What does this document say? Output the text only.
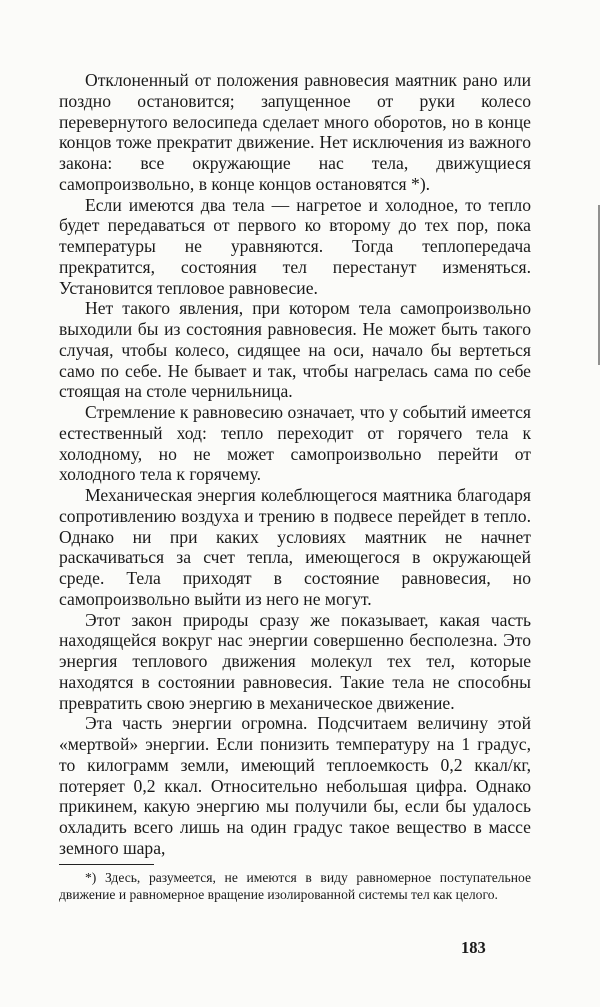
Отклоненный от положения равновесия маятник рано или поздно остановится; запущенное от руки колесо перевернутого велосипеда сделает много оборотов, но в конце концов тоже прекратит движение. Нет исключения из важного закона: все окружающие нас тела, движущиеся самопроизвольно, в конце концов остановятся *).

Если имеются два тела — нагретое и холодное, то тепло будет передаваться от первого ко второму до тех пор, пока температуры не уравняются. Тогда теплопередача прекратится, состояния тел перестанут изменяться. Установится тепловое равновесие.

Нет такого явления, при котором тела самопроизвольно выходили бы из состояния равновесия. Не может быть такого случая, чтобы колесо, сидящее на оси, начало бы вертеться само по себе. Не бывает и так, чтобы нагрелась сама по себе стоящая на столе чернильница.

Стремление к равновесию означает, что у событий имеется естественный ход: тепло переходит от горячего тела к холодному, но не может самопроизвольно перейти от холодного тела к горячему.

Механическая энергия колеблющегося маятника благодаря сопротивлению воздуха и трению в подвесе перейдет в тепло. Однако ни при каких условиях маятник не начнет раскачиваться за счет тепла, имеющегося в окружающей среде. Тела приходят в состояние равновесия, но самопроизвольно выйти из него не могут.

Этот закон природы сразу же показывает, какая часть находящейся вокруг нас энергии совершенно бесполезна. Это энергия теплового движения молекул тех тел, которые находятся в состоянии равновесия. Такие тела не способны превратить свою энергию в механическое движение.

Эта часть энергии огромна. Подсчитаем величину этой «мертвой» энергии. Если понизить температуру на 1 градус, то килограмм земли, имеющий теплоемкость 0,2 ккал/кг, потеряет 0,2 ккал. Относительно небольшая цифра. Однако прикинем, какую энергию мы получили бы, если бы удалось охладить всего лишь на один градус такое вещество в массе земного шара,

*) Здесь, разумеется, не имеются в виду равномерное поступательное движение и равномерное вращение изолированной системы тел как целого.

183
